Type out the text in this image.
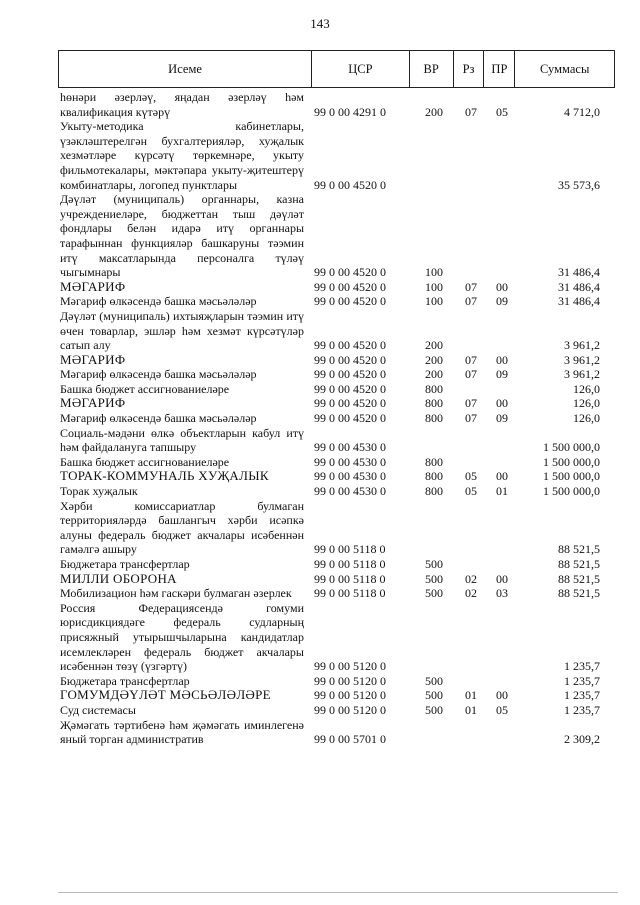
143
Исеме	ЦСР	ВР	Рз	ПР	Суммасы
һөнәри әзерләү, яңадан әзерләү һәм квалификация күтәрү	99 0 00 4291 0	200 07 05	4 712,0
Укыту-методика кабинетлары, үзәкләштерелгән бухгалтерияләр, хуҗалык хезмәтләре күрсәтү төркемнәре, укыту фильмотекалары, мәктәпара укыту-җитештерү комбинатлары, логопед пунктлары	99 0 00 4520 0	35 573,6
Дәүләт (муниципаль) органнары, казна учреждениеләре, бюджеттан тыш дәүләт фондлары белән идарә итү органнары тарафыннан функцияләр башкаруны тәэмин итү максатларында персоналга түләү чыгымнары	99 0 00 4520 0	100	31 486,4
МӘГАРИФ	99 0 00 4520 0	100 07 00	31 486,4
Мәгариф өлкәсендә башка мәсьәләләр	99 0 00 4520 0	100 07 09	31 486,4
Дәүләт (муниципаль) ихтыяҗларын тәэмин итү өчен товарлар, эшләр һәм хезмәт күрсәтүләр сатып алу	99 0 00 4520 0	200	3 961,2
МӘГАРИФ	99 0 00 4520 0	200 07 00	3 961,2
Мәгариф өлкәсендә башка мәсьәләләр	99 0 00 4520 0	200 07 09	3 961,2
Башка бюджет ассигнованиеләре	99 0 00 4520 0	800	126,0
МӘГАРИФ	99 0 00 4520 0	800 07 00	126,0
Мәгариф өлкәсендә башка мәсьәләләр	99 0 00 4520 0	800 07 09	126,0
Социаль-мәдәни өлкә объектларын кабул итү һәм файдалануга тапшыру	99 0 00 4530 0	1 500 000,0
Башка бюджет ассигнованиеләре	99 0 00 4530 0	800	1 500 000,0
ТОРАК-КОММУНАЛЬ ХУҖАЛЫК	99 0 00 4530 0	800 05 00	1 500 000,0
Торак хуҗалык	99 0 00 4530 0	800 05 01	1 500 000,0
Хәрби комиссариатлар булмаган территорияләрдә башлангыч хәрби исәпкә алуны федераль бюджет акчалары исәбеннән гамәлгә ашыру	99 0 00 5118 0	88 521,5
Бюджетара трансфертлар	99 0 00 5118 0	500	88 521,5
МИЛЛИ ОБОРОНА	99 0 00 5118 0	500 02 00	88 521,5
Мобилизацион һәм гаскәри булмаган әзерлек	99 0 00 5118 0	500 02 03	88 521,5
Россия Федерациясендә гомуми юрисдикциядәге федераль судларның присяжный утырышчыларына кандидатлар исемлекләрен федераль бюджет акчалары исәбеннән төзү (үзгәртү)	99 0 00 5120 0	1 235,7
Бюджетара трансфертлар	99 0 00 5120 0	500	1 235,7
ГОМУМДӘҮЛӘТ МӘСЬӘЛӘЛӘРЕ	99 0 00 5120 0	500 01 00	1 235,7
Суд системасы	99 0 00 5120 0	500 01 05	1 235,7
Җәмәгать тәртибенә һәм җәмәгать иминлегенә яный торган административ	99 0 00 5701 0	2 309,2
